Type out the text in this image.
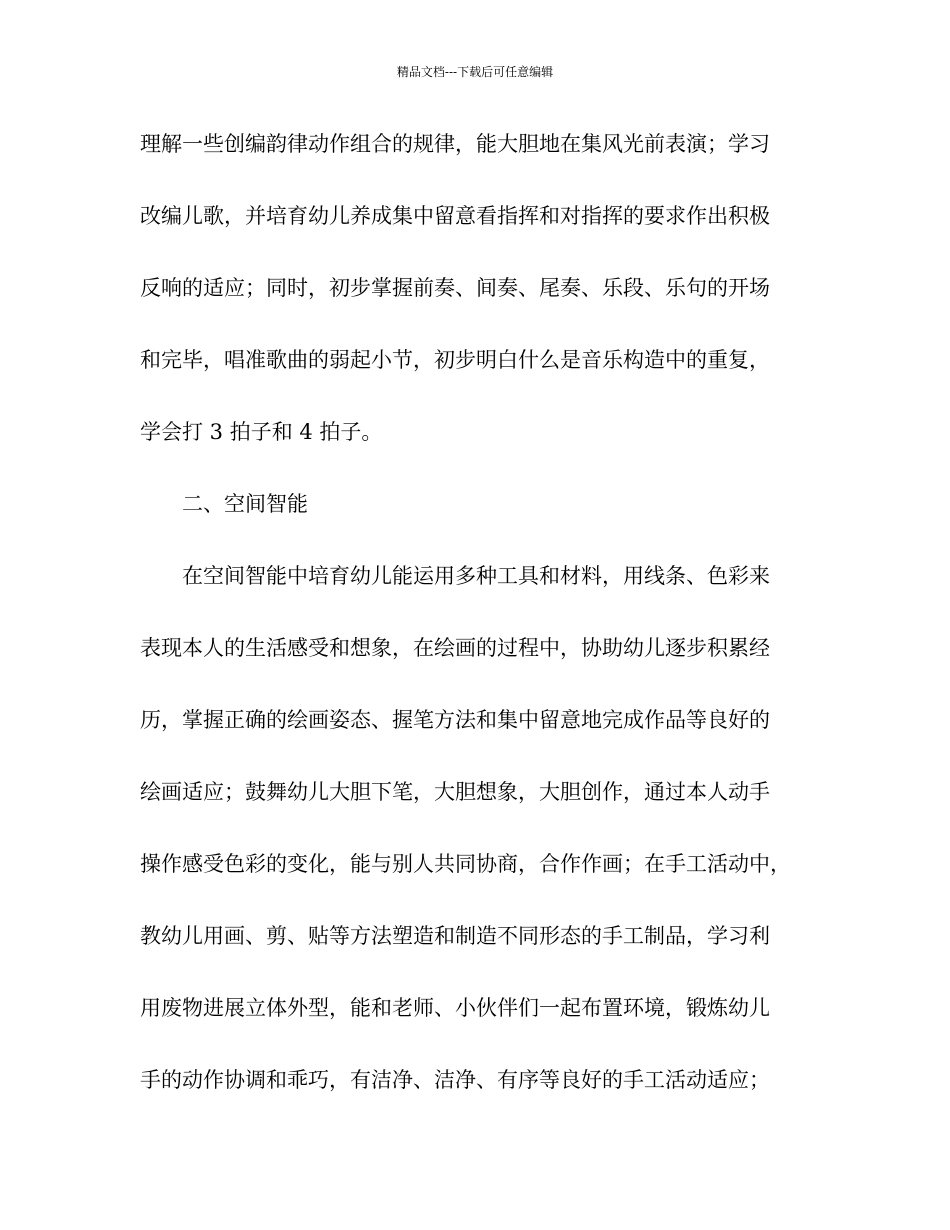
精品文档---下载后可任意编辑
理解一些创编韵律动作组合的规律，能大胆地在集风光前表演；学习
改编儿歌，并培育幼儿养成集中留意看指挥和对指挥的要求作出积极
反响的适应；同时，初步掌握前奏、间奏、尾奏、乐段、乐句的开场
和完毕，唱准歌曲的弱起小节，初步明白什么是音乐构造中的重复，
学会打 3 拍子和 4 拍子。
二、空间智能
在空间智能中培育幼儿能运用多种工具和材料，用线条、色彩来
表现本人的生活感受和想象，在绘画的过程中，协助幼儿逐步积累经
历，掌握正确的绘画姿态、握笔方法和集中留意地完成作品等良好的
绘画适应；鼓舞幼儿大胆下笔，大胆想象，大胆创作，通过本人动手
操作感受色彩的变化，能与别人共同协商，合作作画；在手工活动中，
教幼儿用画、剪、贴等方法塑造和制造不同形态的手工制品，学习利
用废物进展立体外型，能和老师、小伙伴们一起布置环境，锻炼幼儿
手的动作协调和乖巧，有洁净、洁净、有序等良好的手工活动适应；
